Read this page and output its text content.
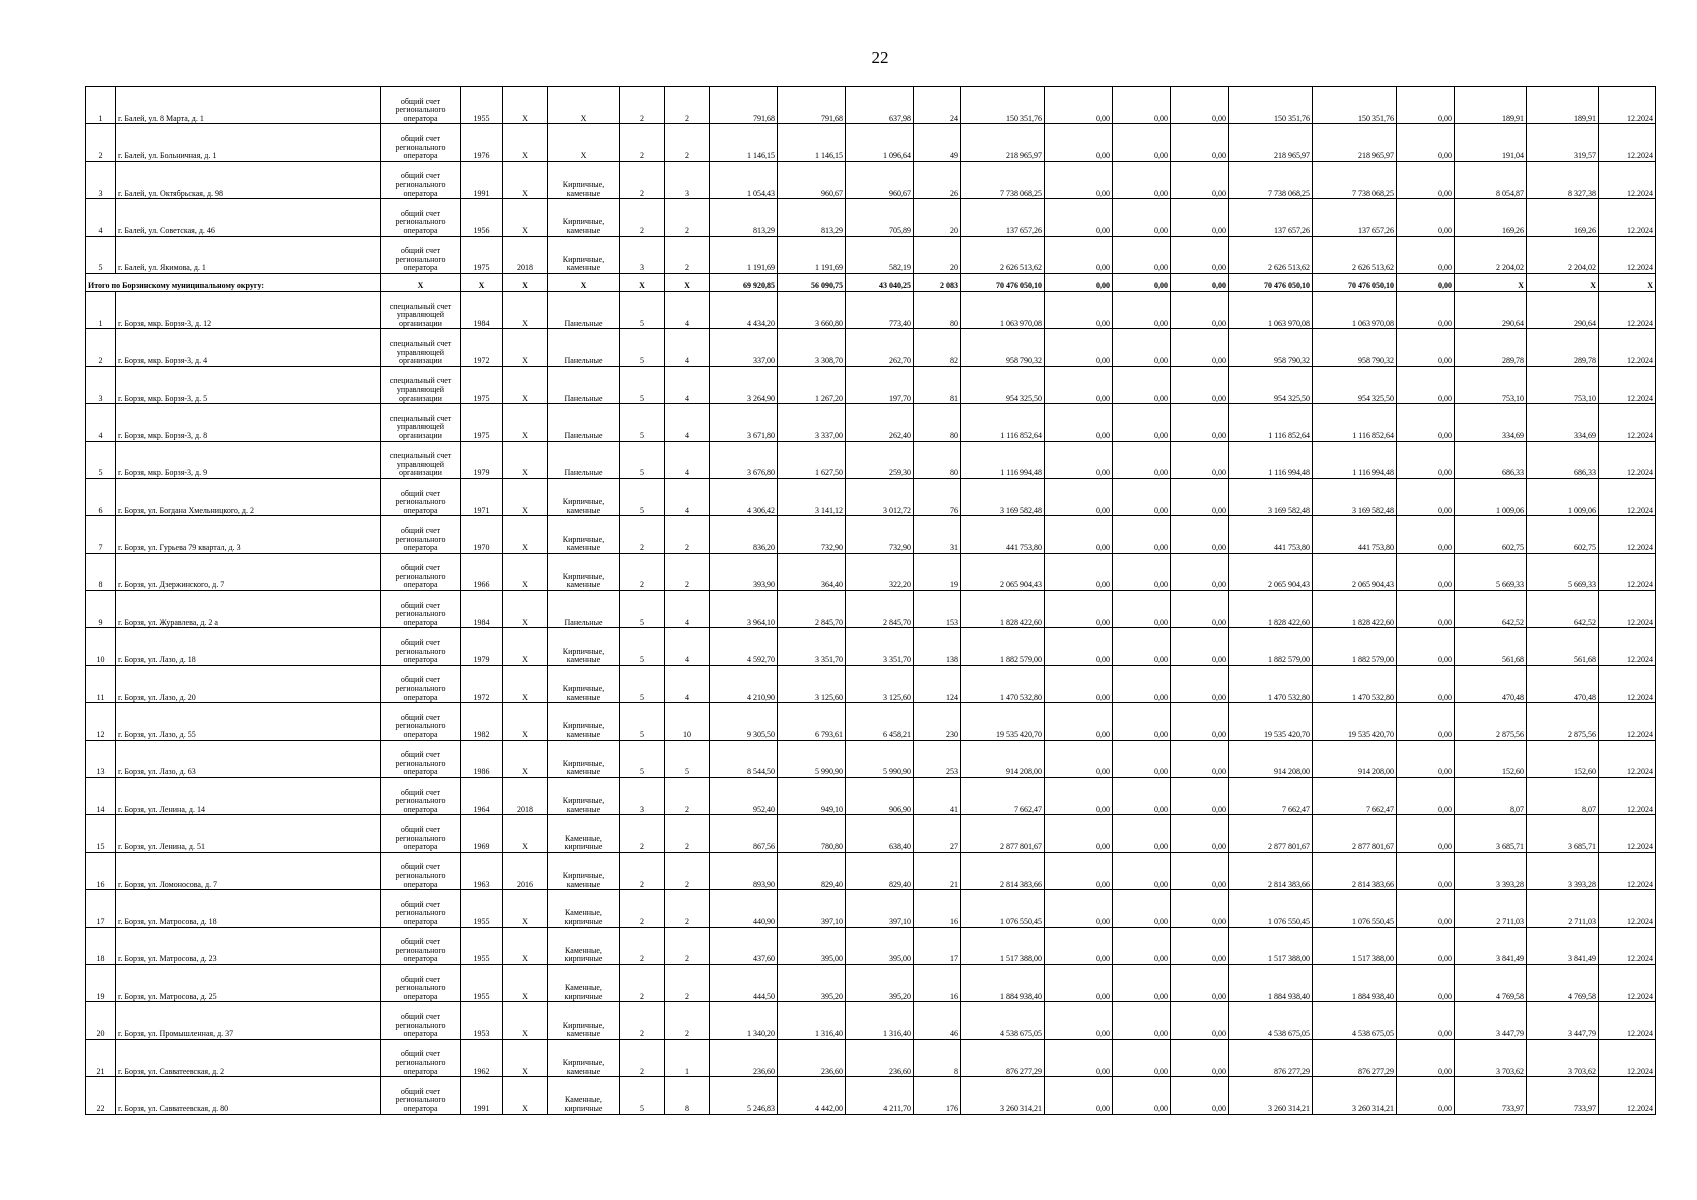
22
1	г. Балей, ул. 8 Марта, д. 1	общий счет
регионального
оператора	1955	X	X	2	2	791,68	791,68	637,98	24	150 351,76	0,00	0,00	0,00	150 351,76	150 351,76	0,00	189,91	189,91	12.2024
2	г. Балей, ул. Больничная, д. 1	общий счет
регионального
оператора	1976	X	X	2	2	1 146,15	1 146,15	1 096,64	49	218 965,97	0,00	0,00	0,00	218 965,97	218 965,97	0,00	191,04	319,57	12.2024
3	г. Балей, ул. Октябрьская, д. 98	общий счет
регионального
оператора	1991	X	Кирпичные,
каменные	2	3	1 054,43	960,67	960,67	26	7 738 068,25	0,00	0,00	0,00	7 738 068,25	7 738 068,25	0,00	8 054,87	8 327,38	12.2024
4	г. Балей, ул. Советская, д. 46	общий счет
регионального
оператора	1956	X	Кирпичные,
каменные	2	2	813,29	813,29	705,89	20	137 657,26	0,00	0,00	0,00	137 657,26	137 657,26	0,00	169,26	169,26	12.2024
5	г. Балей, ул. Якимова, д. 1	общий счет
регионального
оператора	1975	2018	Кирпичные,
каменные	3	2	1 191,69	1 191,69	582,19	20	2 626 513,62	0,00	0,00	0,00	2 626 513,62	2 626 513,62	0,00	2 204,02	2 204,02	12.2024
Итого по Борзинскому муниципальному округу:		X	X	X	X	X	X	69 920,85	56 090,75	43 040,25	2 083	70 476 050,10	0,00	0,00	0,00	70 476 050,10	70 476 050,10	0,00	X	X	X
1	г. Борзя, мкр. Борзя-3, д. 12	специальный счет
управляющей
организации	1984	X	Панельные	5	4	4 434,20	3 660,80	773,40	80	1 063 970,08	0,00	0,00	0,00	1 063 970,08	1 063 970,08	0,00	290,64	290,64	12.2024
2	г. Борзя, мкр. Борзя-3, д. 4	специальный счет
управляющей
организации	1972	X	Панельные	5	4	337,00	3 308,70	262,70	82	958 790,32	0,00	0,00	0,00	958 790,32	958 790,32	0,00	289,78	289,78	12.2024
3	г. Борзя, мкр. Борзя-3, д. 5	специальный счет
управляющей
организации	1975	X	Панельные	5	4	3 264,90	1 267,20	197,70	81	954 325,50	0,00	0,00	0,00	954 325,50	954 325,50	0,00	753,10	753,10	12.2024
4	г. Борзя, мкр. Борзя-3, д. 8	специальный счет
управляющей
организации	1975	X	Панельные	5	4	3 671,80	3 337,00	262,40	80	1 116 852,64	0,00	0,00	0,00	1 116 852,64	1 116 852,64	0,00	334,69	334,69	12.2024
5	г. Борзя, мкр. Борзя-3, д. 9	специальный счет
управляющей
организации	1979	X	Панельные	5	4	3 676,80	1 627,50	259,30	80	1 116 994,48	0,00	0,00	0,00	1 116 994,48	1 116 994,48	0,00	686,33	686,33	12.2024
6	г. Борзя, ул. Богдана Хмельницкого, д. 2	общий счет
регионального
оператора	1971	X	Кирпичные,
каменные	5	4	4 306,42	3 141,12	3 012,72	76	3 169 582,48	0,00	0,00	0,00	3 169 582,48	3 169 582,48	0,00	1 009,06	1 009,06	12.2024
7	г. Борзя, ул. Гурьева 79 квартал, д. 3	общий счет
регионального
оператора	1970	X	Кирпичные,
каменные	2	2	836,20	732,90	732,90	31	441 753,80	0,00	0,00	0,00	441 753,80	441 753,80	0,00	602,75	602,75	12.2024
8	г. Борзя, ул. Дзержинского, д. 7	общий счет
регионального
оператора	1966	X	Кирпичные,
каменные	2	2	393,90	364,40	322,20	19	2 065 904,43	0,00	0,00	0,00	2 065 904,43	2 065 904,43	0,00	5 669,33	5 669,33	12.2024
9	г. Борзя, ул. Журавлева, д. 2 а	общий счет
регионального
оператора	1984	X	Панельные	5	4	3 964,10	2 845,70	2 845,70	153	1 828 422,60	0,00	0,00	0,00	1 828 422,60	1 828 422,60	0,00	642,52	642,52	12.2024
10	г. Борзя, ул. Лазо, д. 18	общий счет
регионального
оператора	1979	X	Кирпичные,
каменные	5	4	4 592,70	3 351,70	3 351,70	138	1 882 579,00	0,00	0,00	0,00	1 882 579,00	1 882 579,00	0,00	561,68	561,68	12.2024
11	г. Борзя, ул. Лазо, д. 20	общий счет
регионального
оператора	1972	X	Кирпичные,
каменные	5	4	4 210,90	3 125,60	3 125,60	124	1 470 532,80	0,00	0,00	0,00	1 470 532,80	1 470 532,80	0,00	470,48	470,48	12.2024
12	г. Борзя, ул. Лазо, д. 55	общий счет
регионального
оператора	1982	X	Кирпичные,
каменные	5	10	9 305,50	6 793,61	6 458,21	230	19 535 420,70	0,00	0,00	0,00	19 535 420,70	19 535 420,70	0,00	2 875,56	2 875,56	12.2024
13	г. Борзя, ул. Лазо, д. 63	общий счет
регионального
оператора	1986	X	Кирпичные,
каменные	5	5	8 544,50	5 990,90	5 990,90	253	914 208,00	0,00	0,00	0,00	914 208,00	914 208,00	0,00	152,60	152,60	12.2024
14	г. Борзя, ул. Ленина, д. 14	общий счет
регионального
оператора	1964	2018	Кирпичные,
каменные	3	2	952,40	949,10	906,90	41	7 662,47	0,00	0,00	0,00	7 662,47	7 662,47	0,00	8,07	8,07	12.2024
15	г. Борзя, ул. Ленина, д. 51	общий счет
регионального
оператора	1969	X	Каменные,
кирпичные	2	2	867,56	780,80	638,40	27	2 877 801,67	0,00	0,00	0,00	2 877 801,67	2 877 801,67	0,00	3 685,71	3 685,71	12.2024
16	г. Борзя, ул. Ломоносова, д. 7	общий счет
регионального
оператора	1963	2016	Кирпичные,
каменные	2	2	893,90	829,40	829,40	21	2 814 383,66	0,00	0,00	0,00	2 814 383,66	2 814 383,66	0,00	3 393,28	3 393,28	12.2024
17	г. Борзя, ул. Матросова, д. 18	общий счет
регионального
оператора	1955	X	Каменные,
кирпичные	2	2	440,90	397,10	397,10	16	1 076 550,45	0,00	0,00	0,00	1 076 550,45	1 076 550,45	0,00	2 711,03	2 711,03	12.2024
18	г. Борзя, ул. Матросова, д. 23	общий счет
регионального
оператора	1955	X	Каменные,
кирпичные	2	2	437,60	395,00	395,00	17	1 517 388,00	0,00	0,00	0,00	1 517 388,00	1 517 388,00	0,00	3 841,49	3 841,49	12.2024
19	г. Борзя, ул. Матросова, д. 25	общий счет
регионального
оператора	1955	X	Каменные,
кирпичные	2	2	444,50	395,20	395,20	16	1 884 938,40	0,00	0,00	0,00	1 884 938,40	1 884 938,40	0,00	4 769,58	4 769,58	12.2024
20	г. Борзя, ул. Промышленная, д. 37	общий счет
регионального
оператора	1953	X	Кирпичные,
каменные	2	2	1 340,20	1 316,40	1 316,40	46	4 538 675,05	0,00	0,00	0,00	4 538 675,05	4 538 675,05	0,00	3 447,79	3 447,79	12.2024
21	г. Борзя, ул. Савватеевская, д. 2	общий счет
регионального
оператора	1962	X	Кирпичные,
каменные	2	1	236,60	236,60	236,60	8	876 277,29	0,00	0,00	0,00	876 277,29	876 277,29	0,00	3 703,62	3 703,62	12.2024
22	г. Борзя, ул. Савватеевская, д. 80	общий счет
регионального
оператора	1991	X	Каменные,
кирпичные	5	8	5 246,83	4 442,00	4 211,70	176	3 260 314,21	0,00	0,00	0,00	3 260 314,21	3 260 314,21	0,00	733,97	733,97	12.2024
